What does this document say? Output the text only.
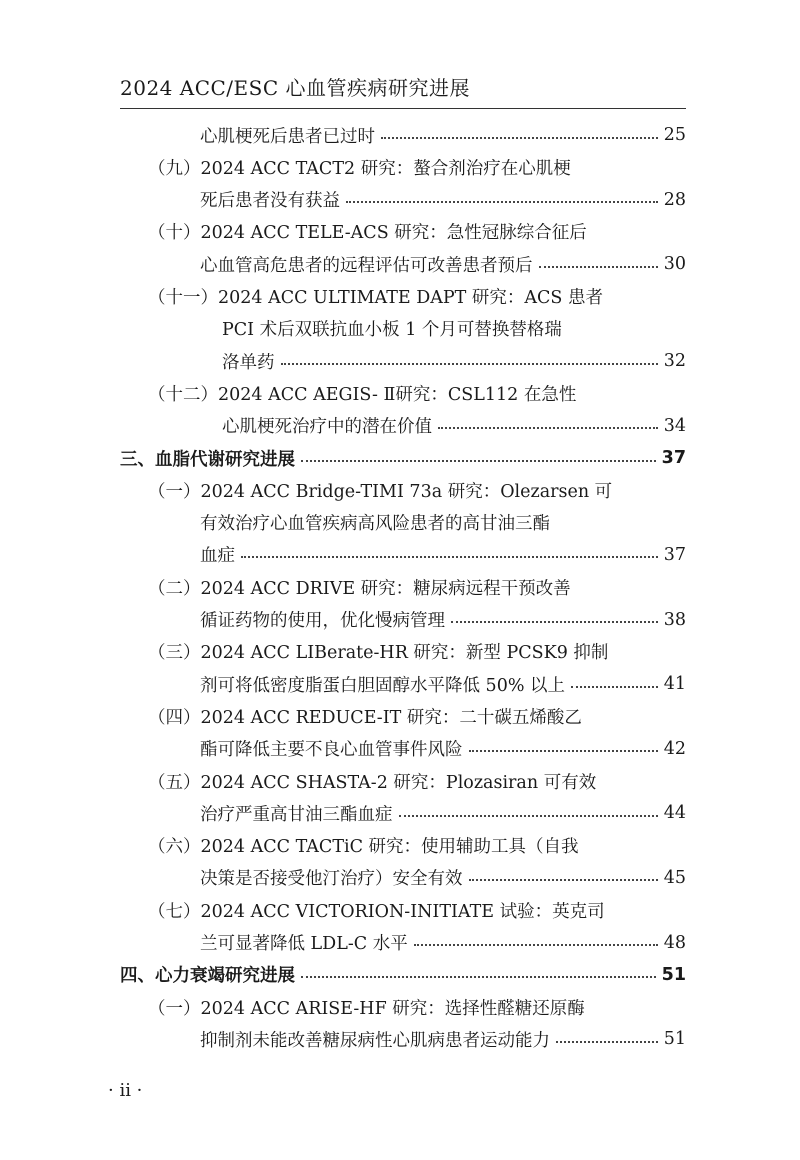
2024 ACC/ESC 心血管疾病研究进展
心肌梗死后患者已过时	25
（九） 2024 ACC TACT2 研究：螯合剂治疗在心肌梗
死后患者没有获益	28
（十） 2024 ACC TELE-ACS 研究：急性冠脉综合征后
心血管高危患者的远程评估可改善患者预后	30
（十一） 2024 ACC ULTIMATE DAPT 研究：ACS 患者
PCI 术后双联抗血小板 1 个月可替换替格瑞
洛单药	32
（十二） 2024 ACC AEGIS- Ⅱ研究：CSL112 在急性
心肌梗死治疗中的潜在价值	34
三、血脂代谢研究进展	37
（一） 2024 ACC Bridge-TIMI 73a 研究：Olezarsen 可
有效治疗心血管疾病高风险患者的高甘油三酯
血症	37
（二） 2024 ACC DRIVE 研究：糖尿病远程干预改善
循证药物的使用，优化慢病管理	38
（三） 2024 ACC LIBerate-HR 研究：新型 PCSK9 抑制
剂可将低密度脂蛋白胆固醇水平降低 50% 以上	41
（四） 2024 ACC REDUCE-IT 研究：二十碳五烯酸乙
酯可降低主要不良心血管事件风险	42
（五） 2024 ACC SHASTA-2 研究：Plozasiran 可有效
治疗严重高甘油三酯血症	44
（六） 2024 ACC TACTiC 研究：使用辅助工具（自我
决策是否接受他汀治疗）安全有效	45
（七） 2024 ACC VICTORION-INITIATE 试验：英克司
兰可显著降低 LDL-C 水平	48
四、心力衰竭研究进展	51
（一） 2024 ACC ARISE-HF 研究：选择性醛糖还原酶
抑制剂未能改善糖尿病性心肌病患者运动能力	51
· ii ·
